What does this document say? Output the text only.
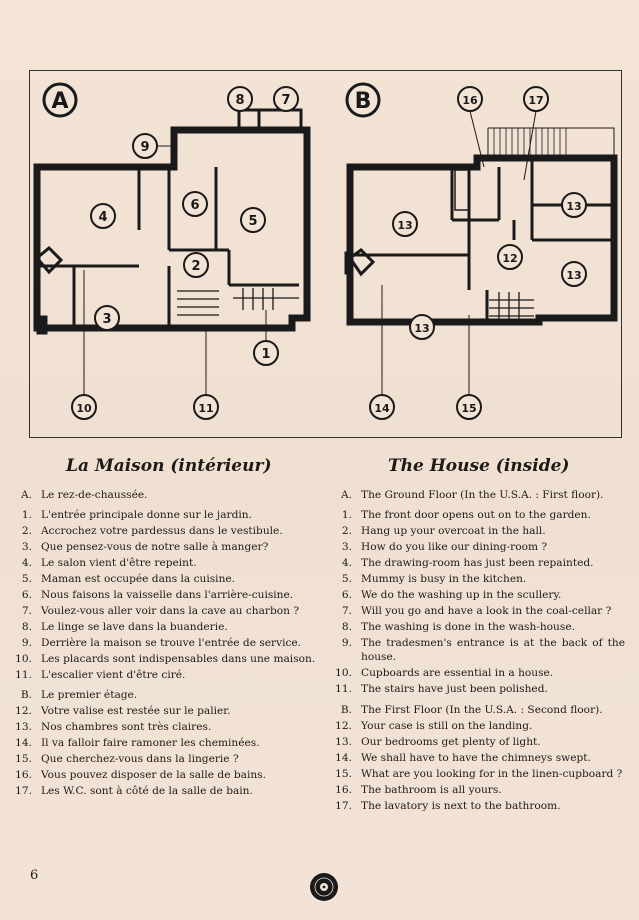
A	B
1
2
3
4	5
6
7
8
9
10	11
12
13
13
13
13
14	15
16	17
La Maison (intérieur)	The House (inside)
A. Le rez-de-chaussée.
1. L'entrée principale donne sur le jardin.
2. Accrochez votre pardessus dans le vestibule.
3. Que pensez-vous de notre salle à manger?
4. Le salon vient d'être repeint.
5. Maman est occupée dans la cuisine.
6. Nous faisons la vaisselle dans l'arrière-cuisine.
7. Voulez-vous aller voir dans la cave au charbon ?
8. Le linge se lave dans la buanderie.
9. Derrière la maison se trouve l'entrée de service.
10. Les placards sont indispensables dans une maison.
11. L'escalier vient d'être ciré.
B. Le premier étage.
12. Votre valise est restée sur le palier.
13. Nos chambres sont très claires.
14. Il va falloir faire ramoner les cheminées.
15. Que cherchez-vous dans la lingerie ?
16. Vous pouvez disposer de la salle de bains.
17. Les W.C. sont à côté de la salle de bain.
A. The Ground Floor (In the U.S.A. : First floor).
1. The front door opens out on to the garden.
2. Hang up your overcoat in the hall.
3. How do you like our dining-room ?
4. The drawing-room has just been repainted.
5. Mummy is busy in the kitchen.
6. We do the washing up in the scullery.
7. Will you go and have a look in the coal-cellar ?
8. The washing is done in the wash-house.
9. The tradesmen's entrance is at the back of the house.
10. Cupboards are essential in a house.
11. The stairs have just been polished.
B. The First Floor (In the U.S.A. : Second floor).
12. Your case is still on the landing.
13. Our bedrooms get plenty of light.
14. We shall have to have the chimneys swept.
15. What are you looking for in the linen-cupboard ?
16. The bathroom is all yours.
17. The lavatory is next to the bathroom.
6
